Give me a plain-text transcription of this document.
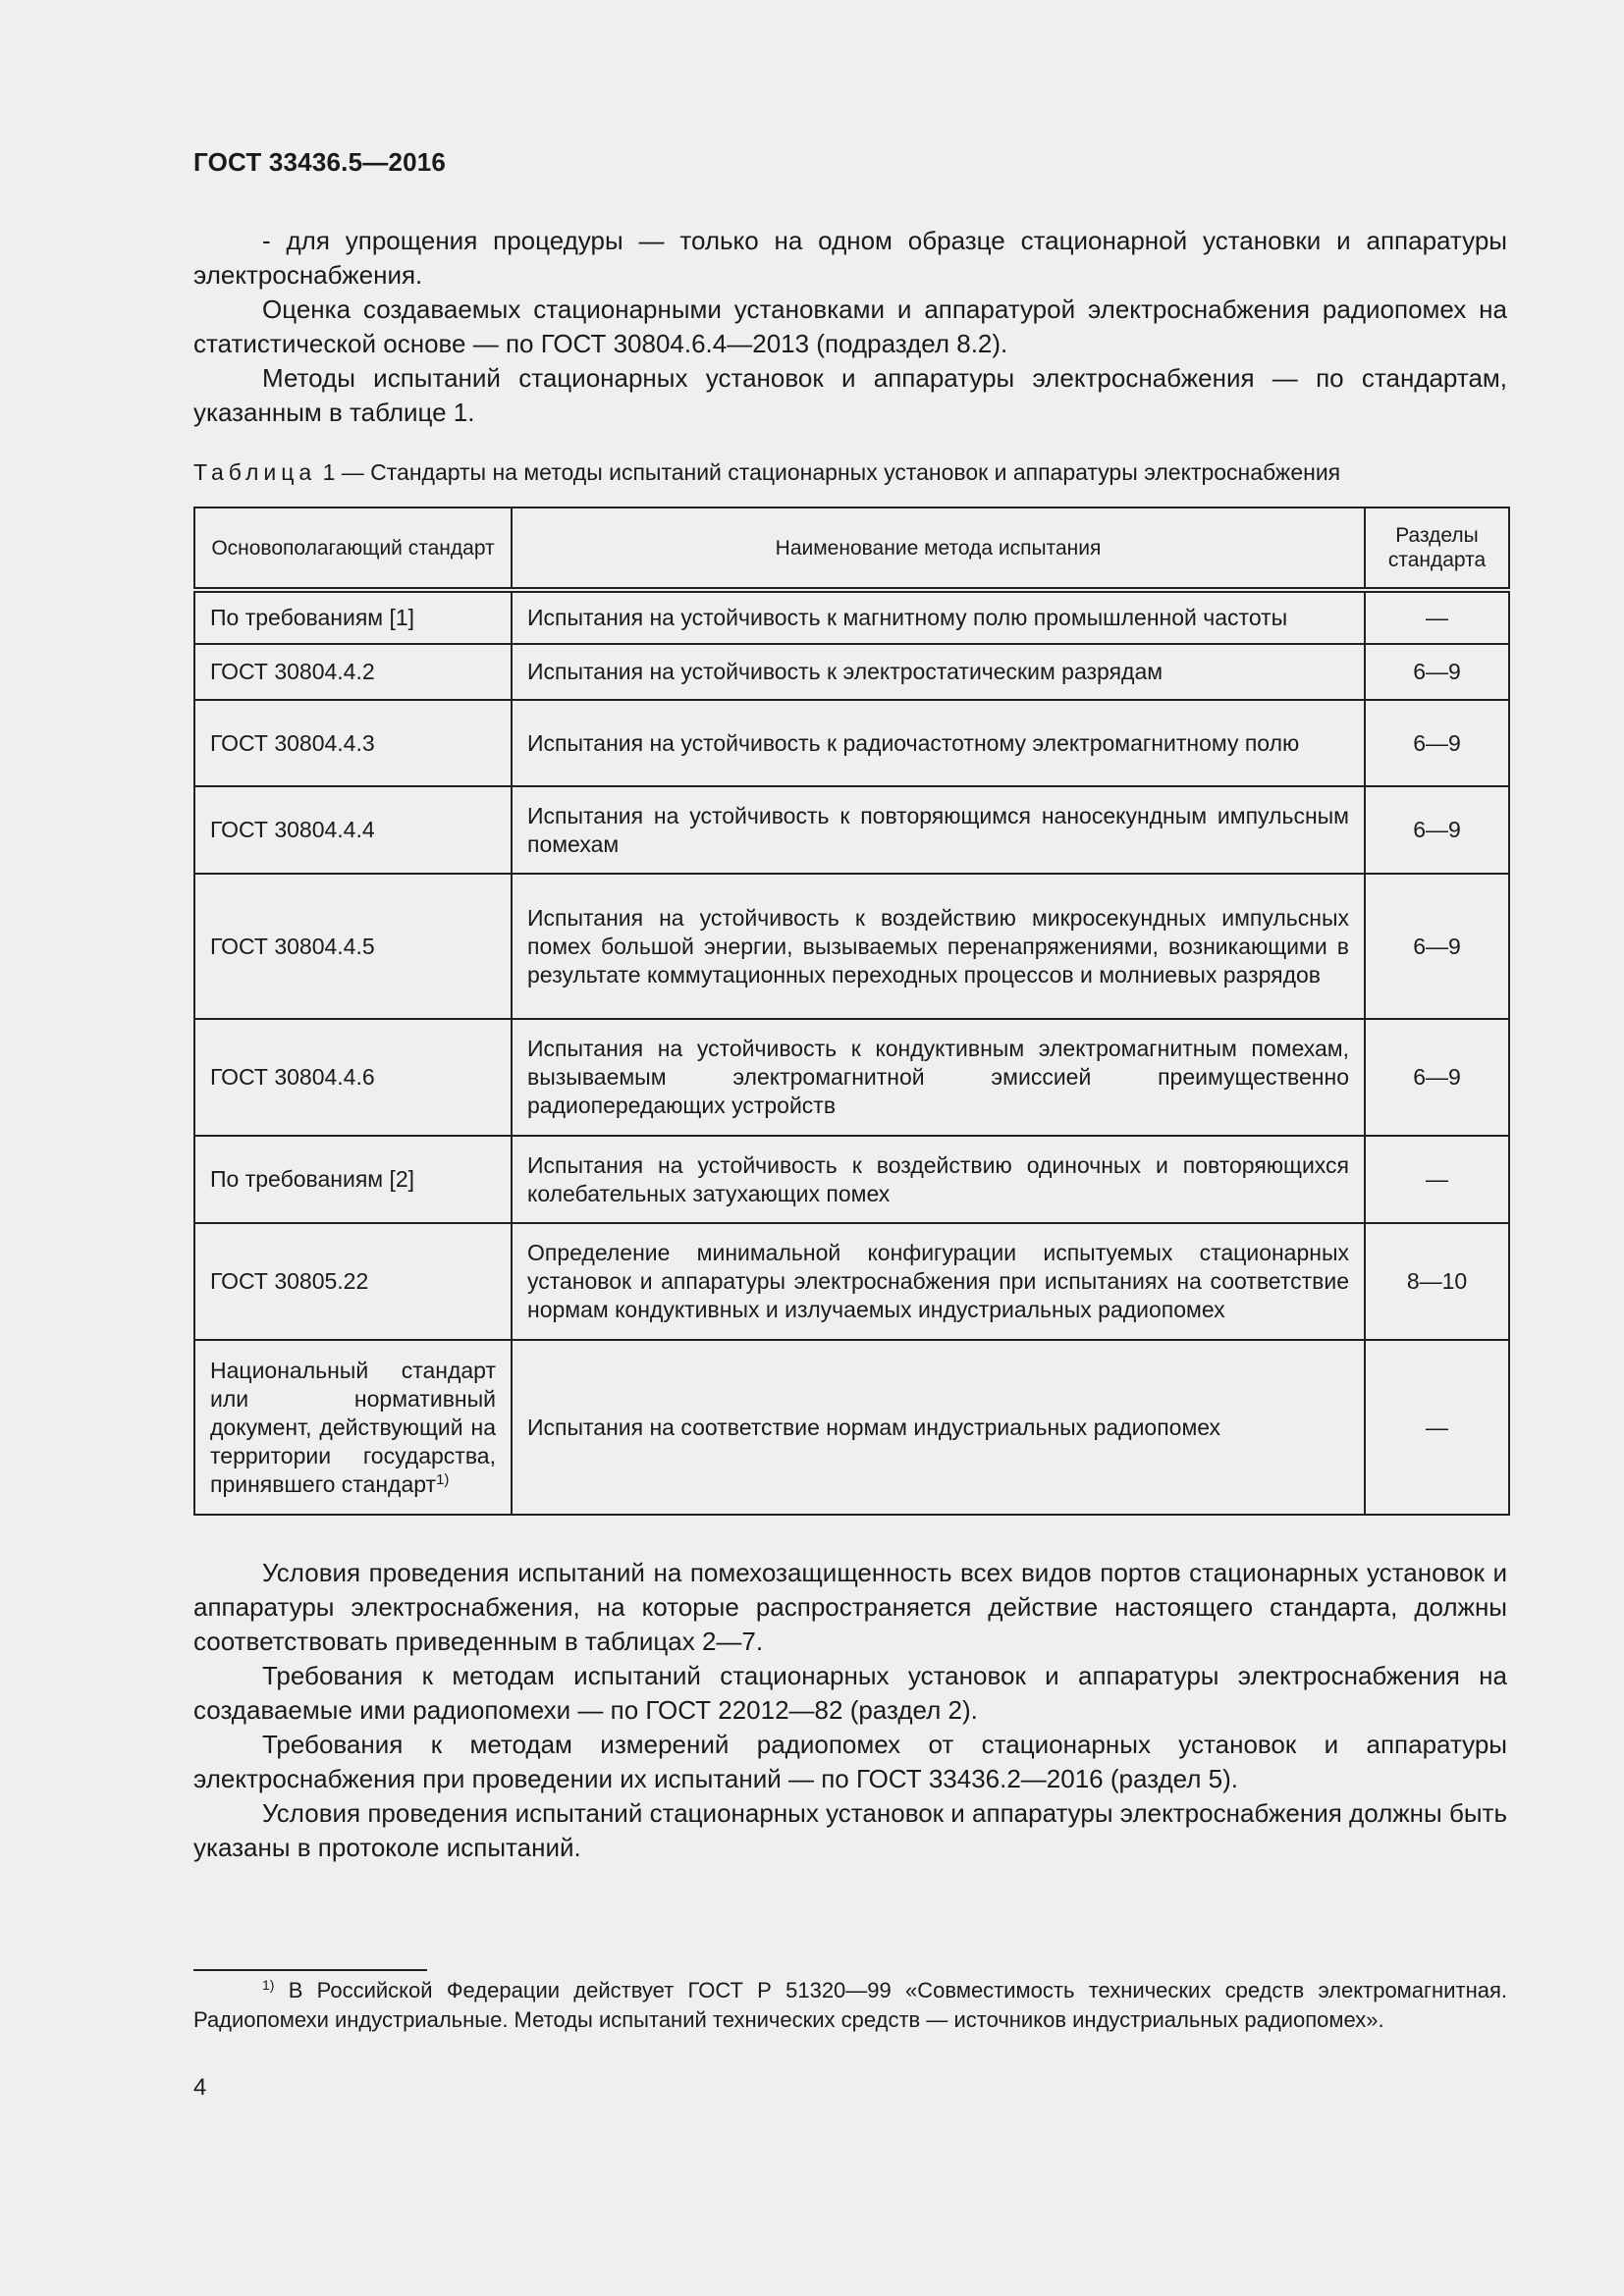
ГОСТ 33436.5—2016

- для упрощения процедуры — только на одном образце стационарной установки и аппаратуры электроснабжения.

Оценка создаваемых стационарными установками и аппаратурой электроснабжения радиопомех на статистической основе — по ГОСТ 30804.6.4—2013 (подраздел 8.2).

Методы испытаний стационарных установок и аппаратуры электроснабжения — по стандартам, указанным в таблице 1.

Таблица 1 — Стандарты на методы испытаний стационарных установок и аппаратуры электроснабжения
Основополагающий стандарт	Наименование метода испытания	Разделы стандарта
По требованиям [1]	Испытания на устойчивость к магнитному полю промышленной частоты	—
ГОСТ 30804.4.2	Испытания на устойчивость к электростатическим разрядам	6—9
ГОСТ 30804.4.3	Испытания на устойчивость к радиочастотному электромагнитному полю	6—9
ГОСТ 30804.4.4	Испытания на устойчивость к повторяющимся наносекундным импульсным помехам	6—9
ГОСТ 30804.4.5	Испытания на устойчивость к воздействию микросекундных импульсных помех большой энергии, вызываемых перенапряжениями, возникающими в результате коммутационных переходных процессов и молниевых разрядов	6—9
ГОСТ 30804.4.6	Испытания на устойчивость к кондуктивным электромагнитным помехам, вызываемым электромагнитной эмиссией преимущественно радиопередающих устройств	6—9
По требованиям [2]	Испытания на устойчивость к воздействию одиночных и повторяющихся колебательных затухающих помех	—
ГОСТ 30805.22	Определение минимальной конфигурации испытуемых стационарных установок и аппаратуры электроснабжения при испытаниях на соответствие нормам кондуктивных и излучаемых индустриальных радиопомех	8—10
Национальный стандарт или нормативный документ, действующий на территории государства, принявшего стандарт$^{1)}$	Испытания на соответствие нормам индустриальных радиопомех	—

Условия проведения испытаний на помехозащищенность всех видов портов стационарных установок и аппаратуры электроснабжения, на которые распространяется действие настоящего стандарта, должны соответствовать приведенным в таблицах 2—7.

Требования к методам испытаний стационарных установок и аппаратуры электроснабжения на создаваемые ими радиопомехи — по ГОСТ 22012—82 (раздел 2).

Требования к методам измерений радиопомех от стационарных установок и аппаратуры электроснабжения при проведении их испытаний — по ГОСТ 33436.2—2016 (раздел 5).

Условия проведения испытаний стационарных установок и аппаратуры электроснабжения должны быть указаны в протоколе испытаний.

$^{1)}$ В Российской Федерации действует ГОСТ Р 51320—99 «Совместимость технических средств электромагнитная. Радиопомехи индустриальные. Методы испытаний технических средств — источников индустриальных радиопомех».
4
